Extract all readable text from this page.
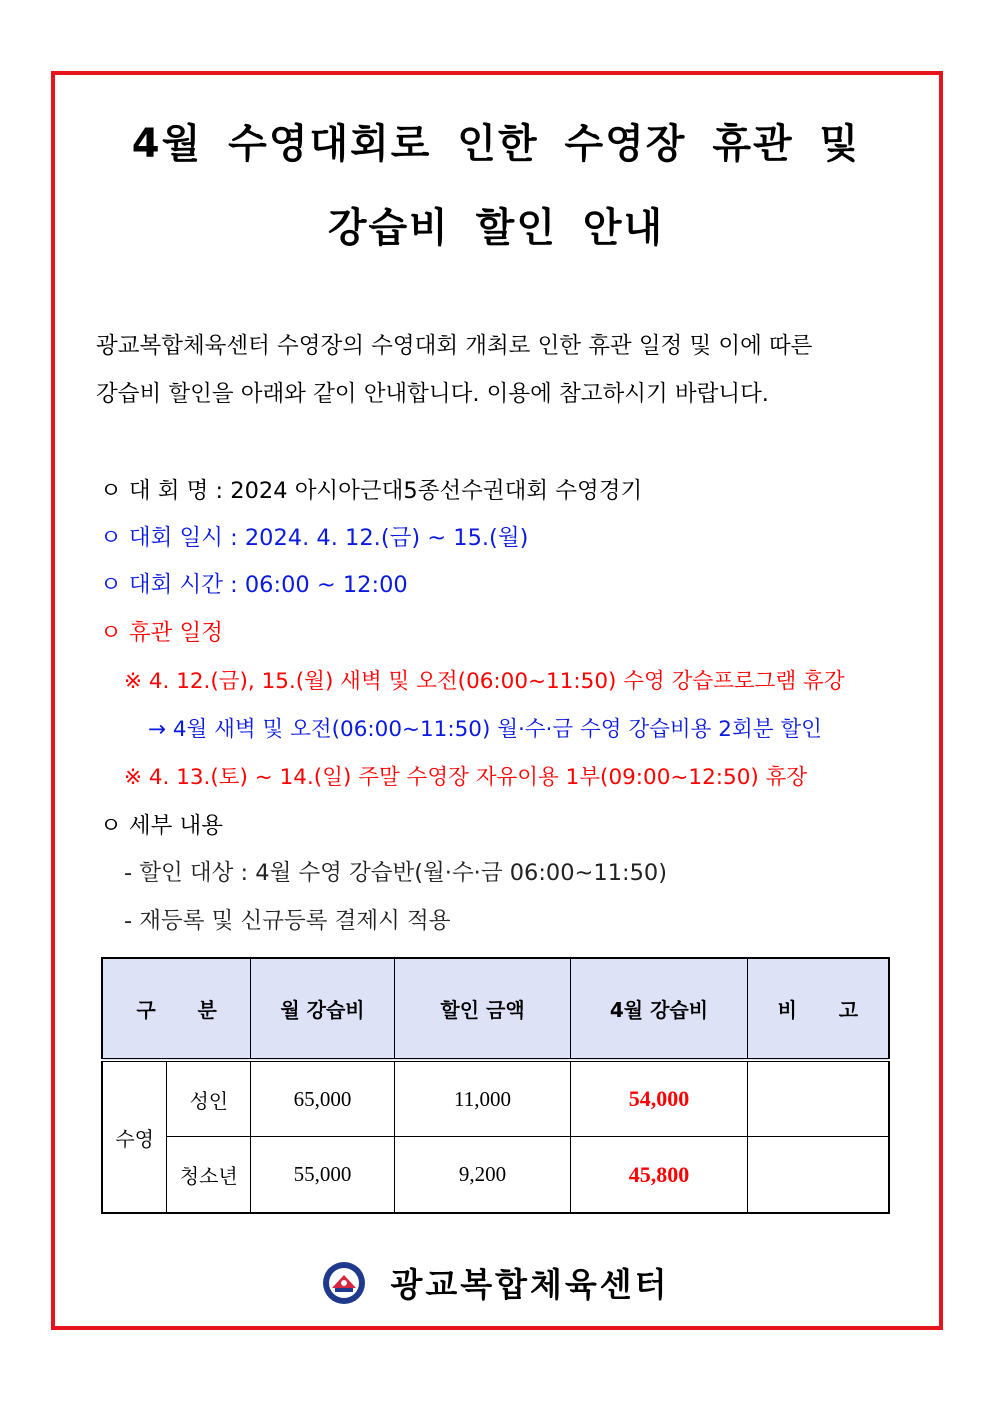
4월 수영대회로 인한 수영장 휴관 및
강습비 할인 안내
광교복합체육센터 수영장의 수영대회 개최로 인한 휴관 일정 및 이에 따른
강습비 할인을 아래와 같이 안내합니다. 이용에 참고하시기 바랍니다.
ㅇ 대 회 명 : 2024 아시아근대5종선수권대회 수영경기
ㅇ 대회 일시 : 2024. 4. 12.(금) ~ 15.(월)
ㅇ 대회 시간 : 06:00 ~ 12:00
ㅇ 휴관 일정
※ 4. 12.(금), 15.(월) 새벽 및 오전(06:00~11:50) 수영 강습프로그램 휴강
→ 4월 새벽 및 오전(06:00~11:50) 월·수·금 수영 강습비용 2회분 할인
※ 4. 13.(토) ~ 14.(일) 주말 수영장 자유이용 1부(09:00~12:50) 휴장
ㅇ 세부 내용
- 할인 대상 : 4월 수영 강습반(월·수·금 06:00~11:50)
- 재등록 및 신규등록 결제시 적용
구      분		월 강습비	할인 금액	4월 강습비	비      고
수영	성인	65,000	11,000	54,000	
	청소년	55,000	9,200	45,800	
광교복합체육센터
